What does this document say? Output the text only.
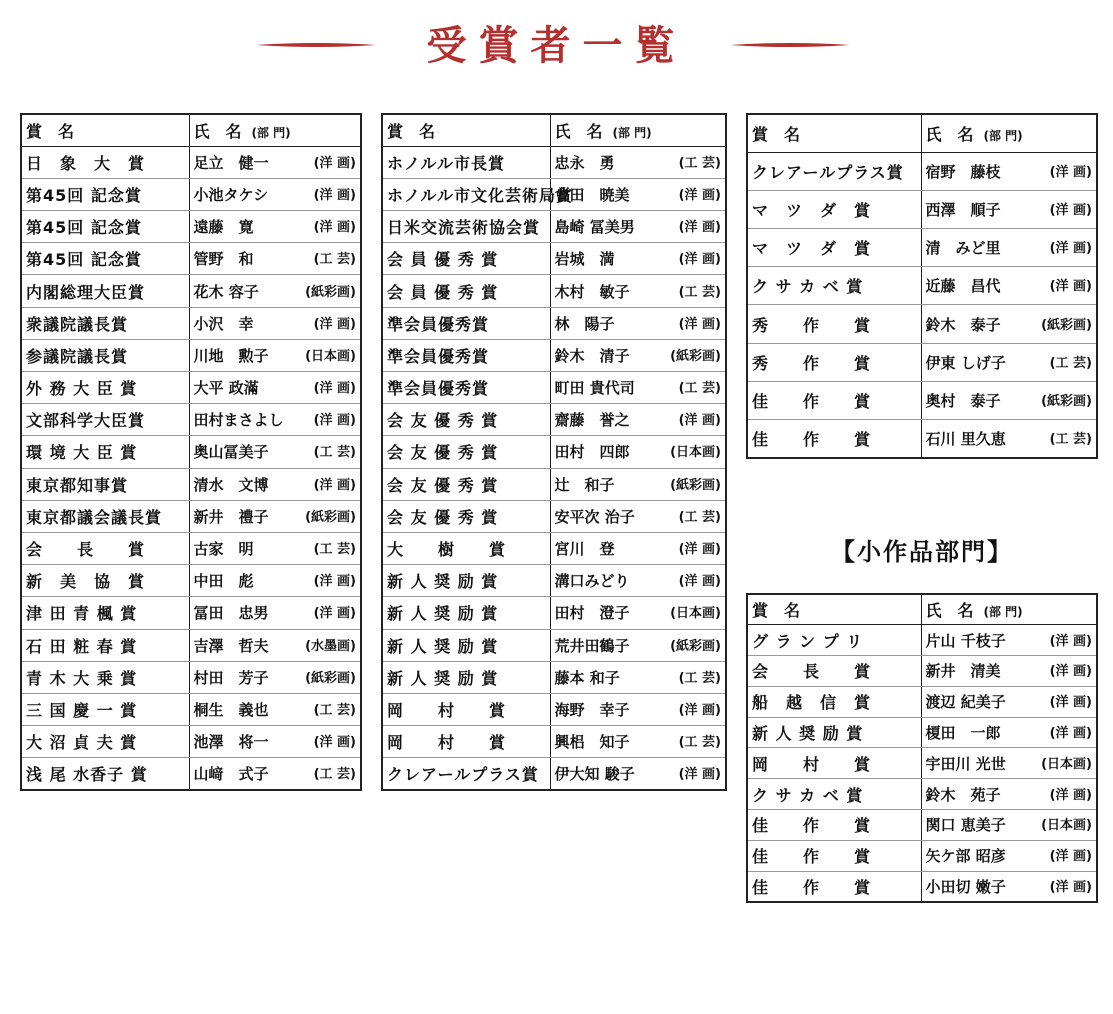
受賞者一覧
賞　名	氏　名 (部 門)
日　象　大　賞	足立　健一 (洋 画)

第45回 記念賞	小池タケシ (洋 画)

第45回 記念賞	遠藤　寛 (洋 画)

第45回 記念賞	管野　和 (工 芸)

内閣総理大臣賞	花木 容子 (紙彩画)

衆議院議長賞	小沢　幸 (洋 画)

参議院議長賞	川地　勲子 (日本画)

外 務 大 臣 賞	大平 政滿 (洋 画)

文部科学大臣賞	田村まさよし (洋 画)

環 境 大 臣 賞	奥山冨美子 (工 芸)

東京都知事賞	清水　文博 (洋 画)

東京都議会議長賞	新井　禮子 (紙彩画)

会　　長　　賞	古家　明 (工 芸)

新　美　協　賞	中田　彪 (洋 画)

津 田 青 楓 賞	冨田　忠男 (洋 画)

石 田 粧 春 賞	吉澤　哲夫 (水墨画)

青 木 大 乗 賞	村田　芳子 (紙彩画)

三 国 慶 一 賞	桐生　義也 (工 芸)

大 沼 貞 夫 賞	池澤　将一 (洋 画)

浅 尾 水香子 賞	山﨑　式子 (工 芸)
賞　名	氏　名 (部 門)
ホノルル市長賞	忠永　勇 (工 芸)

ホノルル市文化芸術局賞	會田　暁美 (洋 画)

日米交流芸術協会賞	島崎 冨美男 (洋 画)

会 員 優 秀 賞	岩城　満 (洋 画)

会 員 優 秀 賞	木村　敏子 (工 芸)

準会員優秀賞	林　陽子 (洋 画)

準会員優秀賞	鈴木　清子 (紙彩画)

準会員優秀賞	町田 貴代司 (工 芸)

会 友 優 秀 賞	齋藤　誉之 (洋 画)

会 友 優 秀 賞	田村　四郎 (日本画)

会 友 優 秀 賞	辻　和子 (紙彩画)

会 友 優 秀 賞	安平次 治子 (工 芸)

大　　樹　　賞	宮川　登 (洋 画)

新 人 奨 励 賞	溝口みどり (洋 画)

新 人 奨 励 賞	田村　澄子 (日本画)

新 人 奨 励 賞	荒井田鶴子 (紙彩画)

新 人 奨 励 賞	藤本 和子 (工 芸)

岡　　村　　賞	海野　幸子 (洋 画)

岡　　村　　賞	興梠　知子 (工 芸)

クレアールプラス賞	伊大知 駿子 (洋 画)
賞　名	氏　名 (部 門)
クレアールプラス賞	宿野　藤枝 (洋 画)

マ　ツ　ダ　賞	西澤　順子 (洋 画)

マ　ツ　ダ　賞	清　みど里 (洋 画)

ク サ カ ベ 賞	近藤　昌代 (洋 画)

秀　　作　　賞	鈴木　泰子 (紙彩画)

秀　　作　　賞	伊東 しげ子 (工 芸)

佳　　作　　賞	奥村　泰子 (紙彩画)

佳　　作　　賞	石川 里久恵 (工 芸)
【小作品部門】
賞　名	氏　名 (部 門)
グ ラ ン プ リ	片山 千枝子 (洋 画)

会　　長　　賞	新井　清美 (洋 画)

船　越　信　賞	渡辺 紀美子 (洋 画)

新 人 奨 励 賞	榎田　一郎 (洋 画)

岡　　村　　賞	宇田川 光世 (日本画)

ク サ カ ベ 賞	鈴木　苑子 (洋 画)

佳　　作　　賞	関口 恵美子 (日本画)

佳　　作　　賞	矢ケ部 昭彦 (洋 画)

佳　　作　　賞	小田切 嫩子 (洋 画)
